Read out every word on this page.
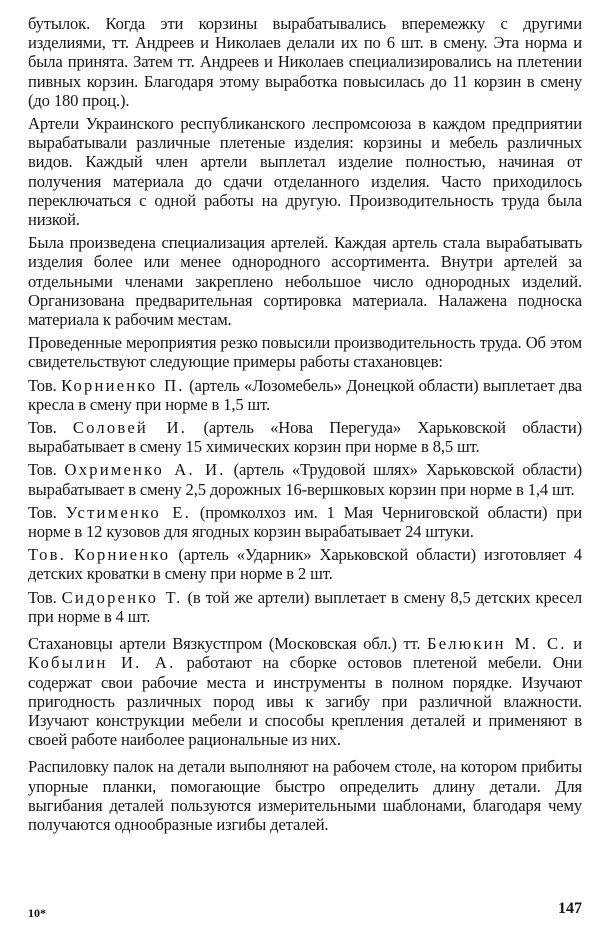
бутылок. Когда эти корзины вырабатывались вперемежку с другими изделиями, тт. Андреев и Николаев делали их по 6 шт. в смену. Эта норма и была принята. Затем тт. Андреев и Николаев специализировались на плетении пивных корзин. Благодаря этому выработка повысилась до 11 корзин в смену (до 180 проц.).

Артели Украинского республиканского леспромсоюза в каждом предприятии вырабатывали различные плетеные изделия: корзины и мебель различных видов. Каждый член артели выплетал изделие полностью, начиная от получения материала до сдачи отделанного изделия. Часто приходилось переключаться с одной работы на другую. Производительность труда была низкой.

Была произведена специализация артелей. Каждая артель стала вырабатывать изделия более или менее однородного ассортимента. Внутри артелей за отдельными членами закреплено небольшое число однородных изделий. Организована предварительная сортировка материала. Налажена подноска материала к рабочим местам.

Проведенные мероприятия резко повысили производительность труда. Об этом свидетельствуют следующие примеры работы стахановцев:

Тов. Корниенко П. (артель «Лозомебель» Донецкой области) выплетает два кресла в смену при норме в 1,5 шт.

Тов. Соловей И. (артель «Нова Перегуда» Харьковской области) вырабатывает в смену 15 химических корзин при норме в 8,5 шт.

Тов. Охрименко А. И. (артель «Трудовой шлях» Харьковской области) вырабатывает в смену 2,5 дорожных 16-вершковых корзин при норме в 1,4 шт.

Тов. Устименко Е. (промколхоз им. 1 Мая Черниговской области) при норме в 12 кузовов для ягодных корзин вырабатывает 24 штуки.

Тов. Корниенко (артель «Ударник» Харьковской области) изготовляет 4 детских кроватки в смену при норме в 2 шт.

Тов. Сидоренко Т. (в той же артели) выплетает в смену 8,5 детских кресел при норме в 4 шт.

Стахановцы артели Вязкустпром (Московская обл.) тт. Белюкин М. С. и Кобылин И. А. работают на сборке остовов плетеной мебели. Они содержат свои рабочие места и инструменты в полном порядке. Изучают пригодность различных пород ивы к загибу при различной влажности. Изучают конструкции мебели и способы крепления деталей и применяют в своей работе наиболее рациональные из них.

Распиловку палок на детали выполняют на рабочем столе, на котором прибиты упорные планки, помогающие быстро определить длину детали. Для выгибания деталей пользуются измерительными шаблонами, благодаря чему получаются однообразные изгибы деталей.

10*	147
